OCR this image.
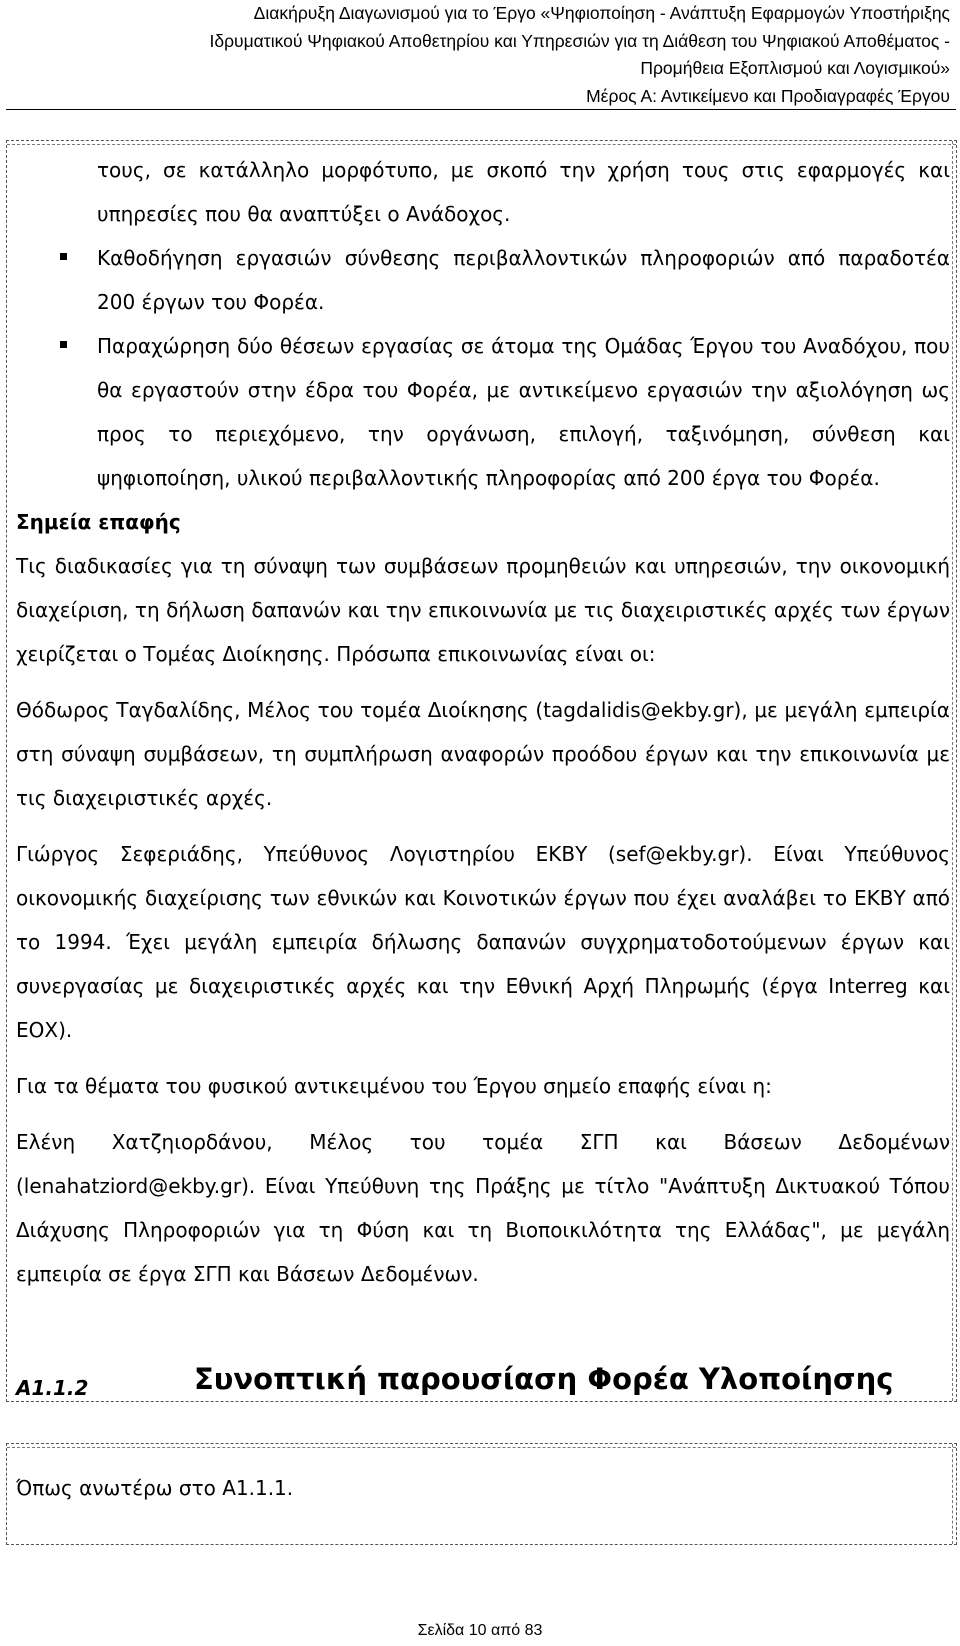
Διακήρυξη Διαγωνισμού για το Έργο «Ψηφιοποίηση - Ανάπτυξη Εφαρμογών Υποστήριξης
Ιδρυματικού Ψηφιακού Αποθετηρίου και Υπηρεσιών για τη Διάθεση του Ψηφιακού Αποθέματος -
Προμήθεια Εξοπλισμού και Λογισμικού»
Μέρος Α: Αντικείμενο και Προδιαγραφές Έργου

τους, σε κατάλληλο μορφότυπο, με σκοπό την χρήση τους στις εφαρμογές και υπηρεσίες που θα αναπτύξει ο Ανάδοχος.

Καθοδήγηση εργασιών σύνθεσης περιβαλλοντικών πληροφοριών από παραδοτέα 200 έργων του Φορέα.

Παραχώρηση δύο θέσεων εργασίας σε άτομα της Ομάδας Έργου του Αναδόχου, που θα εργαστούν στην έδρα του Φορέα, με αντικείμενο εργασιών την αξιολόγηση ως προς το περιεχόμενο, την οργάνωση, επιλογή, ταξινόμηση, σύνθεση και ψηφιοποίηση, υλικού περιβαλλοντικής πληροφορίας από 200 έργα του Φορέα.

Σημεία επαφής

Τις διαδικασίες για τη σύναψη των συμβάσεων προμηθειών και υπηρεσιών, την οικονομική διαχείριση, τη δήλωση δαπανών και την επικοινωνία με τις διαχειριστικές αρχές των έργων χειρίζεται ο Τομέας Διοίκησης. Πρόσωπα επικοινωνίας είναι οι:

Θόδωρος Ταγδαλίδης, Μέλος του τομέα Διοίκησης (tagdalidis@ekby.gr), με μεγάλη εμπειρία στη σύναψη συμβάσεων, τη συμπλήρωση αναφορών προόδου έργων και την επικοινωνία με τις διαχειριστικές αρχές.

Γιώργος Σεφεριάδης, Υπεύθυνος Λογιστηρίου ΕΚΒΥ (sef@ekby.gr). Είναι Υπεύθυνος οικονομικής διαχείρισης των εθνικών και Κοινοτικών έργων που έχει αναλάβει το ΕΚΒΥ από το 1994. Έχει μεγάλη εμπειρία δήλωσης δαπανών συγχρηματοδοτούμενων έργων και συνεργασίας με διαχειριστικές αρχές και την Εθνική Αρχή Πληρωμής (έργα Interreg και ΕΟΧ).

Για τα θέματα του φυσικού αντικειμένου του Έργου σημείο επαφής είναι η:

Ελένη Χατζηιορδάνου, Μέλος του τομέα ΣΓΠ και Βάσεων Δεδομένων (lenahatziord@ekby.gr). Είναι Υπεύθυνη της Πράξης με τίτλο "Ανάπτυξη Δικτυακού Τόπου Διάχυσης Πληροφοριών για τη Φύση και τη Βιοποικιλότητα της Ελλάδας", με μεγάλη εμπειρία σε έργα ΣΓΠ και Βάσεων Δεδομένων.

A1.1.2	Συνοπτική παρουσίαση Φορέα Υλοποίησης
Όπως ανωτέρω στο Α1.1.1.
Σελίδα 10 από 83
